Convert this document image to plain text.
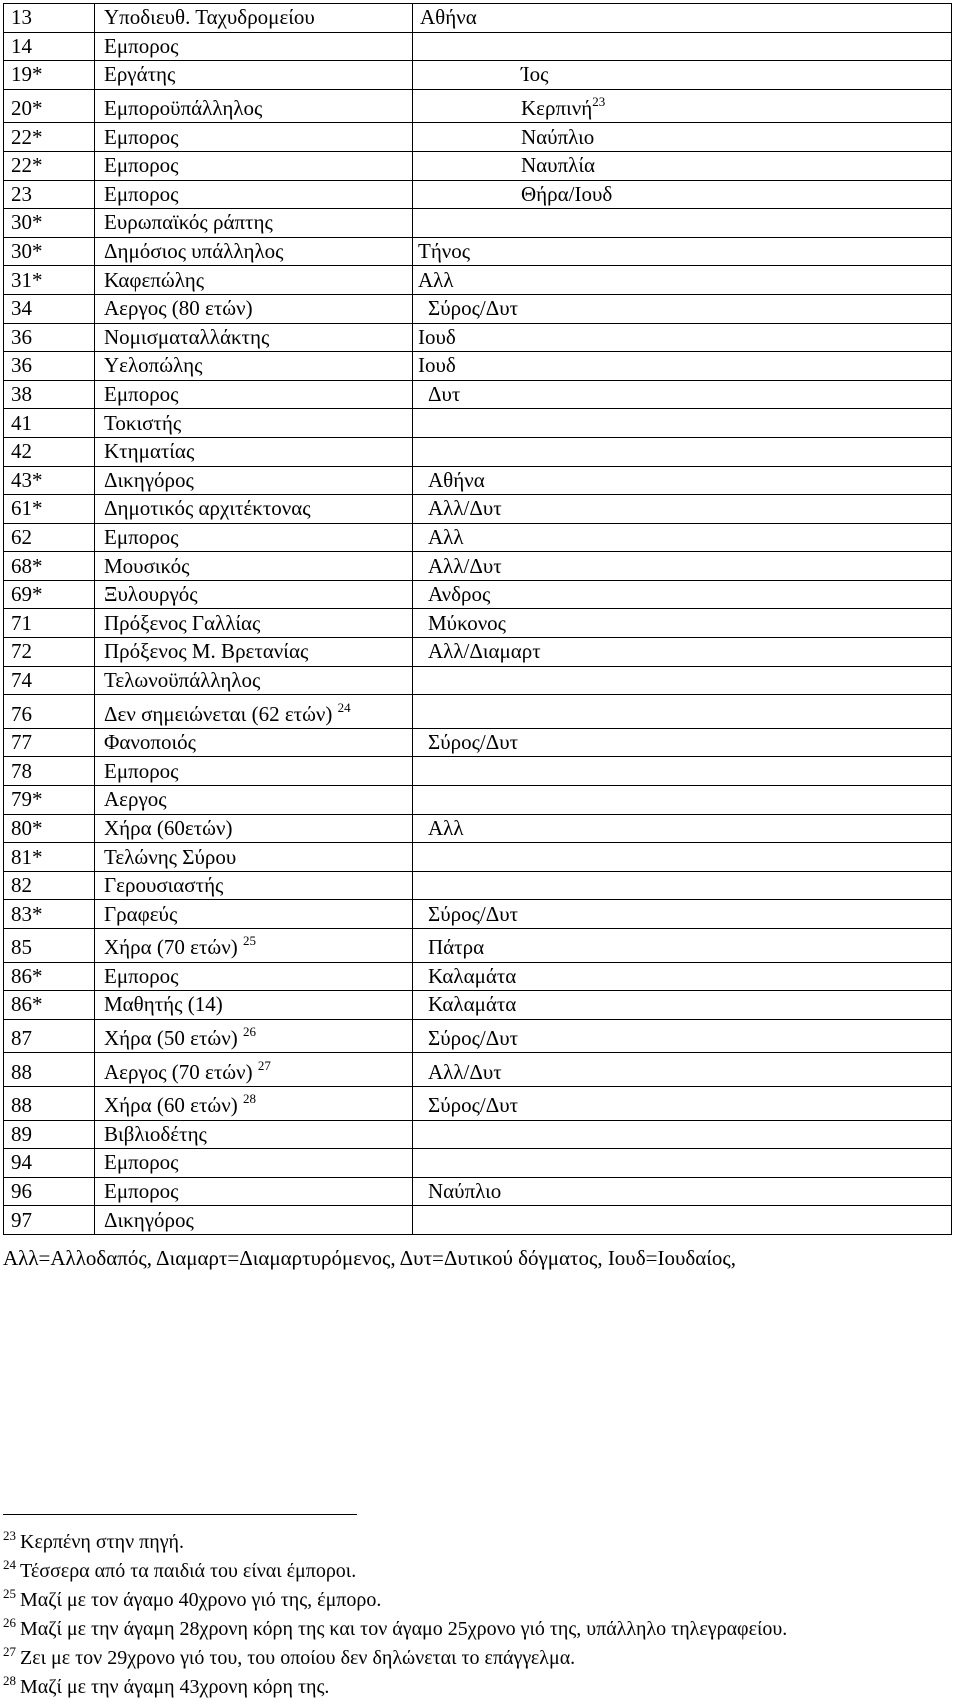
13	Υποδιευθ. Ταχυδρομείου	Αθήνα
14	Εμπορος	
19*	Εργάτης	Ίος
20*	Εμποροϋπάλληλος	Κερπινή$^{23}$
22*	Εμπορος	Ναύπλιο
22*	Εμπορος	Ναυπλία
23	Εμπορος	Θήρα/Ιουδ
30*	Ευρωπαϊκός ράπτης	
30*	Δημόσιος υπάλληλος	Τήνος
31*	Καφεπώλης	Αλλ
34	Αεργος (80 ετών)	Σύρος/Δυτ
36	Νομισματαλλάκτης	Ιουδ
36	Υελοπώλης	Ιουδ
38	Εμπορος	Δυτ
41	Τοκιστής	
42	Κτηματίας	
43*	Δικηγόρος	Αθήνα
61*	Δημοτικός αρχιτέκτονας	Αλλ/Δυτ
62	Εμπορος	Αλλ
68*	Μουσικός	Αλλ/Δυτ
69*	Ξυλουργός	Ανδρος
71	Πρόξενος Γαλλίας	Μύκονος
72	Πρόξενος Μ. Βρετανίας	Αλλ/Διαμαρτ
74	Τελωνοϋπάλληλος	
76	Δεν σημειώνεται (62 ετών) $^{24}$	
77	Φανοποιός	Σύρος/Δυτ
78	Εμπορος	
79*	Αεργος	
80*	Χήρα (60ετών)	Αλλ
81*	Τελώνης Σύρου	
82	Γερουσιαστής	
83*	Γραφεύς	Σύρος/Δυτ
85	Χήρα (70 ετών) $^{25}$	Πάτρα
86*	Εμπορος	Καλαμάτα
86*	Μαθητής (14)	Καλαμάτα
87	Χήρα (50 ετών) $^{26}$	Σύρος/Δυτ
88	Αεργος (70 ετών) $^{27}$	Αλλ/Δυτ
88	Χήρα (60 ετών) $^{28}$	Σύρος/Δυτ
89	Βιβλιοδέτης	
94	Εμπορος	
96	Εμπορος	Ναύπλιο
97	Δικηγόρος	
Αλλ=Αλλοδαπός, Διαμαρτ=Διαμαρτυρόμενος, Δυτ=Δυτικού δόγματος, Ιουδ=Ιουδαίος,
$^{23}$ Κερπένη στην πηγή.
$^{24}$ Τέσσερα από τα παιδιά του είναι έμποροι.
$^{25}$ Μαζί με τον άγαμο 40χρονο γιό της, έμπορο.
$^{26}$ Μαζί με την άγαμη 28χρονη κόρη της και τον άγαμο 25χρονο γιό της, υπάλληλο τηλεγραφείου.
$^{27}$ Ζει με τον 29χρονο γιό του, του οποίου δεν δηλώνεται το επάγγελμα.
$^{28}$ Μαζί με την άγαμη 43χρονη κόρη της.
